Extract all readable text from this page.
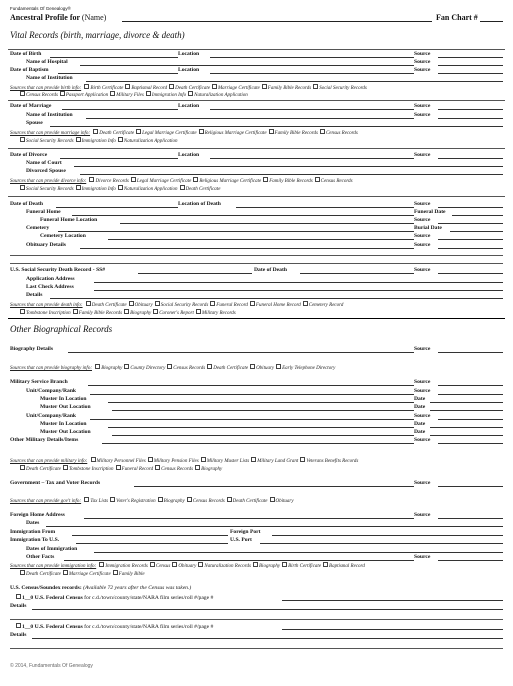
Fundamentals Of Genealogy®
Ancestral Profile for (Name)	Fan Chart #
Vital Records (birth, marriage, divorce & death)
Date of Birth	Location	Source
Name of Hospital	Source
Date of Baptism	Location	Source
Name of Institution
Sources that can provide birth info: Birth Certificate Baptismal Record Death Certificate Marriage Certificate Family Bible Records Social Security Records
Census Records Passport Application Military Files Immigration Info Naturalization Application
Date of Marriage	Location	Source
Name of Institution	Source
Spouse
Sources that can provide marriage info: Death Certificate Legal Marriage Certificate Religious Marriage Certificate Family Bible Records Census Records
Social Security Records Immigration Info Naturalization Application
Date of Divorce	Location	Source
Name of Court
Divorced Spouse
Sources that can provide divorce info: Divorce Records Legal Marriage Certificate Religious Marriage Certificate Family Bible Records Census Records
Social Security Records Immigration Info Naturalization Application Death Certificate
Date of Death	Location of Death	Source
Funeral Home	Funeral Date
Funeral Home Location	Source
Cemetery	Burial Date
Cemetery Location	Source
Obituary Details	Source
U.S. Social Security Death Record - SS#	Date of Death	Source
Application Address
Last Check Address
Details
Sources that can provide death info: Death Certificate Obituary Social Security Records Funeral Record Funeral Home Record Cemetery Record
Tombstone Inscription Family Bible Records Biography Coroner's Report Military Records
Other Biographical Records
Biography Details	Source
Sources that can provide biography info: Biography County Directory Census Records Death Certificate Obituary Early Telephone Directory
Military Service Branch	Source
Unit/Company/Rank	Source
Muster In Location	Date
Muster Out Location	Date
Unit/Company/Rank	Source
Muster In Location	Date
Muster Out Location	Date
Other Military Details/Items	Source
Sources that can provide military info: Military Personnel Files Military Pension Files Military Muster Lists Military Land Grant Veterans Benefits Records
Death Certificate Tombstone Inscription Funeral Record Census Records Biography
Government – Tax and Voter Records	Source
Sources that can provide gov't info: Tax Lists Voter's Registration Biography Census Records Death Certificate Obituary
Foreign Home Address	Source
Dates
Immigration From	Foreign Port
Immigration To U.S.	U.S. Port
Dates of Immigration
Other Facts	Source
Sources that can provide immigration info: Immigration Records Census Obituary Naturalization Records Biography Birth Certificate Baptismal Record
Death Certificate Marriage Certificate Family Bible
U.S. Census/Soundex records: (Available 72 years after the Census was taken.)
1__0 U.S. Federal Census for c.d./town/county/state/NARA film series/roll #/page #
Details
1__0 U.S. Federal Census for c.d./town/county/state/NARA film series/roll #/page #
Details
© 2014, Fundamentals Of Genealogy
